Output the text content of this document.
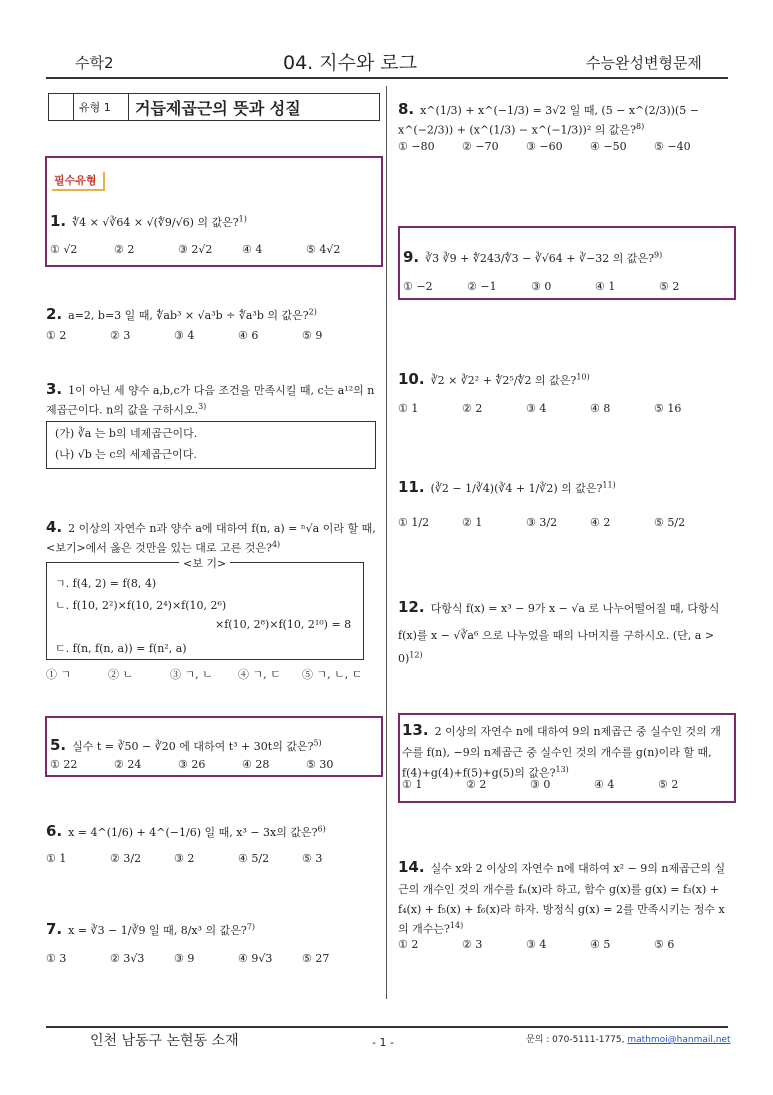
수학2	04. 지수와 로그	수능완성변형문제
유형 1 거듭제곱근의 뜻과 성질
필수유형
1. ∜4 × √∛64 × √(∜9/√6) 의 값은?$^{1)}$
① √2	② 2	③ 2√2	④ 4	⑤ 4√2
2. a=2, b=3 일 때, ∜ab³ × √a³b ÷ ∜a³b 의 값은?$^{2)}$
① 2	② 3	③ 4	④ 6	⑤ 9
3. 1이 아닌 세 양수 a,b,c가 다음 조건을 만족시킬 때, c는 a¹²의 n제곱근이다. n의 값을 구하시오.$^{3)}$
(가) ∛a 는 b의 네제곱근이다.
(나) √b 는 c의 세제곱근이다.
4. 2 이상의 자연수 n과 양수 a에 대하여 f(n, a) = ⁿ√a 이라 할 때, <보기>에서 옳은 것만을 있는 대로 고른 것은?$^{4)}$
<보 기>
ㄱ. f(4, 2) = f(8, 4)
ㄴ. f(10, 2²)×f(10, 2⁴)×f(10, 2⁶)
×f(10, 2⁸)×f(10, 2¹⁰) = 8
ㄷ. f(n, f(n, a)) = f(n², a)
① ㄱ	② ㄴ	③ ㄱ, ㄴ ④ ㄱ, ㄷ ⑤ ㄱ, ㄴ, ㄷ
5. 실수 t = ∛50 − ∛20 에 대하여 t³ + 30t의 값은?$^{5)}$
① 22	② 24	③ 26	④ 28	⑤ 30
6. x = 4^(1/6) + 4^(−1/6) 일 때, x³ − 3x의 값은?$^{6)}$
① 1	② 3/2	③ 2	④ 5/2	⑤ 3
7. x = ∛3 − 1/∛9 일 때, 8/x³ 의 값은?$^{7)}$
① 3	② 3√3	③ 9	④ 9√3	⑤ 27
8. x^(1/3) + x^(−1/3) = 3√2 일 때, (5 − x^(2/3))(5 − x^(−2/3)) + (x^(1/3) − x^(−1/3))² 의 값은?$^{8)}$
① −80 ② −70 ③ −60 ④ −50 ⑤ −40
9. ∛3 ∛9 + ∜243/∜3 − ∛√64 + ∛−32 의 값은?$^{9)}$
① −2	② −1	③ 0	④ 1	⑤ 2
10. ∛2 × ∛2² + ∜2⁵/∜2 의 값은?$^{10)}$
① 1	② 2	③ 4	④ 8	⑤ 16
11. (∛2 − 1/∛4)(∛4 + 1/∛2) 의 값은?$^{11)}$
① 1/2	② 1	③ 3/2	④ 2	⑤ 5/2
12. 다항식 f(x) = x³ − 9가 x − √a 로 나누어떨어질 때, 다항식 f(x)를 x − √∛a⁶ 으로 나누었을 때의 나머지를 구하시오. (단, a > 0)$^{12)}$
13. 2 이상의 자연수 n에 대하여 9의 n제곱근 중 실수인 것의 개수를 f(n), −9의 n제곱근 중 실수인 것의 개수를 g(n)이라 할 때, f(4)+g(4)+f(5)+g(5)의 값은?$^{13)}$
① 1	② 2	③ 0	④ 4	⑤ 2
14. 실수 x와 2 이상의 자연수 n에 대하여 x² − 9의 n제곱근의 실근의 개수인 것의 개수를 fₙ(x)라 하고, 함수 g(x)를 g(x) = f₃(x) + f₄(x) + f₅(x) + f₆(x)라 하자. 방정식 g(x) = 2를 만족시키는 정수 x의 개수는?$^{14)}$
① 2	② 3	③ 4	④ 5	⑤ 6
인천 남동구 논현동 소재	- 1 -	문의 : 070-5111-1775, mathmoi@hanmail.net
